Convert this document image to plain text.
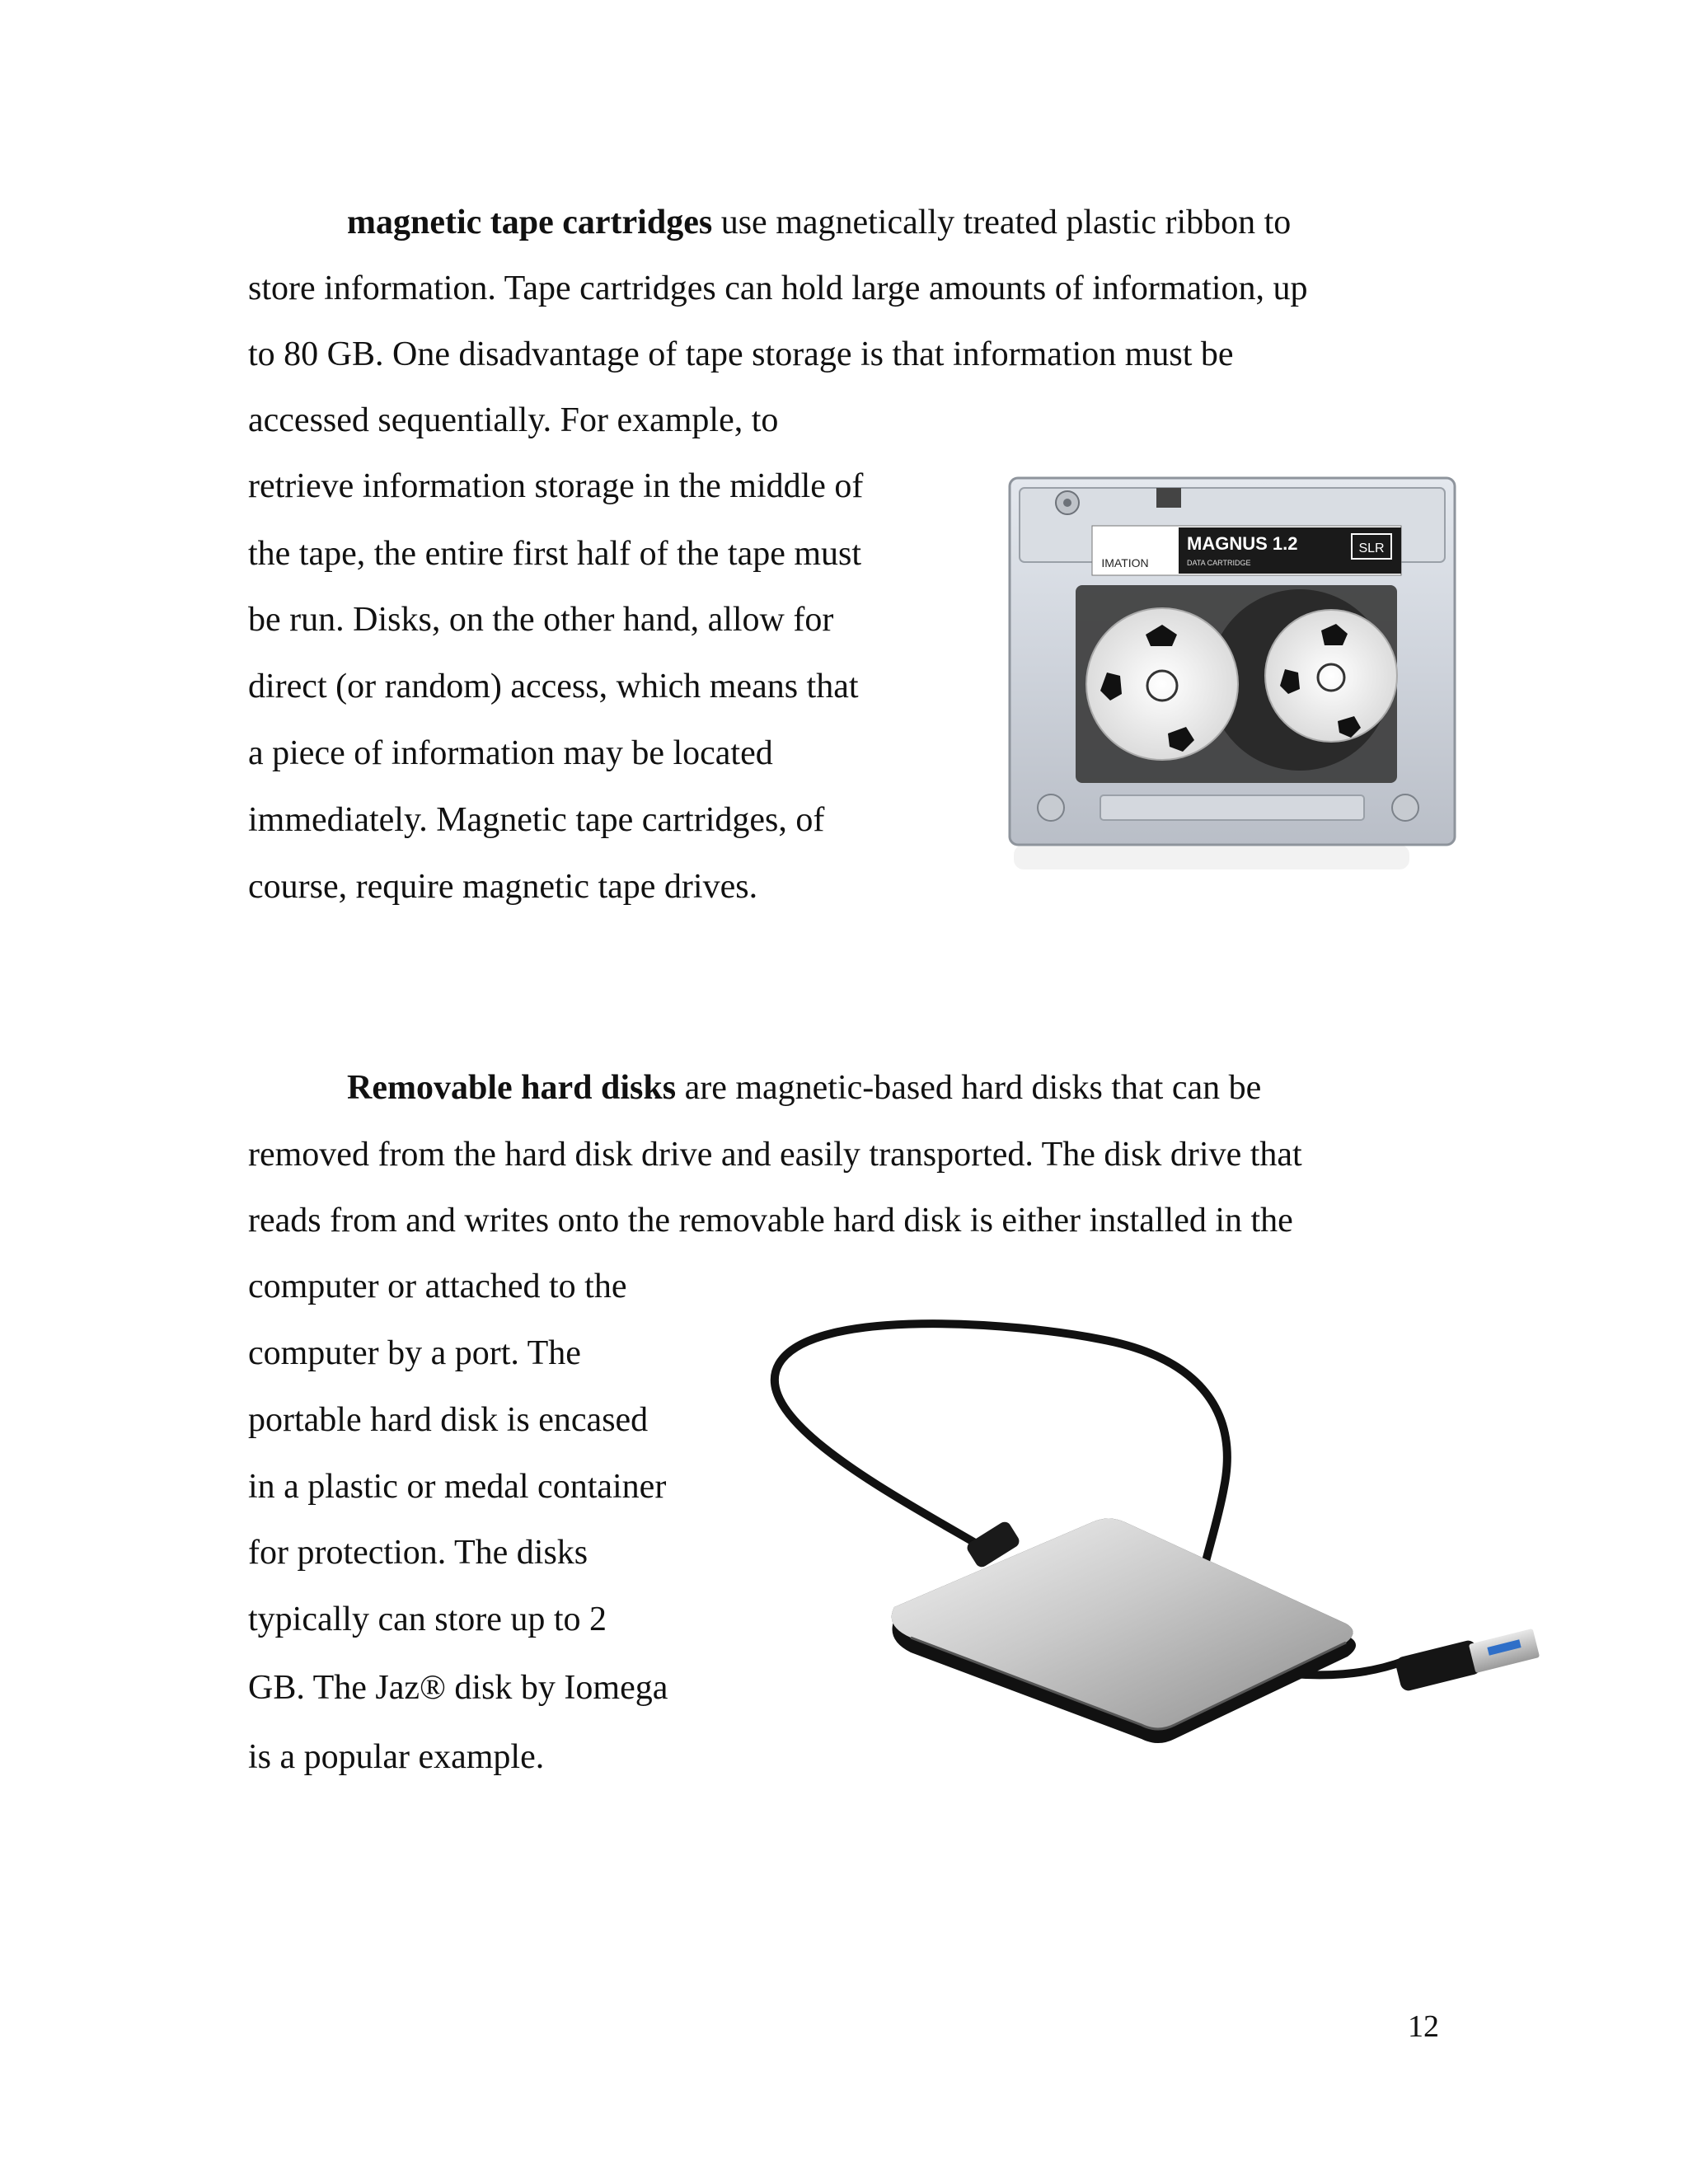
magnetic tape cartridges use magnetically treated plastic ribbon to
store information. Tape cartridges can hold large amounts of information, up
to 80 GB. One disadvantage of tape storage is that information must be
accessed sequentially. For example, to
retrieve information storage in the middle of
the tape, the entire first half of the tape must
be run. Disks, on the other hand, allow for
direct (or random) access, which means that
a piece of information may be located
immediately. Magnetic tape cartridges, of
course, require magnetic tape drives.
IMATION
MAGNUS 1.2
DATA CARTRIDGE
SLR
Removable hard disks are magnetic-based hard disks that can be
removed from the hard disk drive and easily transported. The disk drive that
reads from and writes onto the removable hard disk is either installed in the
computer or attached to the
computer by a port. The
portable hard disk is encased
in a plastic or medal container
for protection. The disks
typically can store up to 2
GB. The Jaz® disk by Iomega
is a popular example.
12
